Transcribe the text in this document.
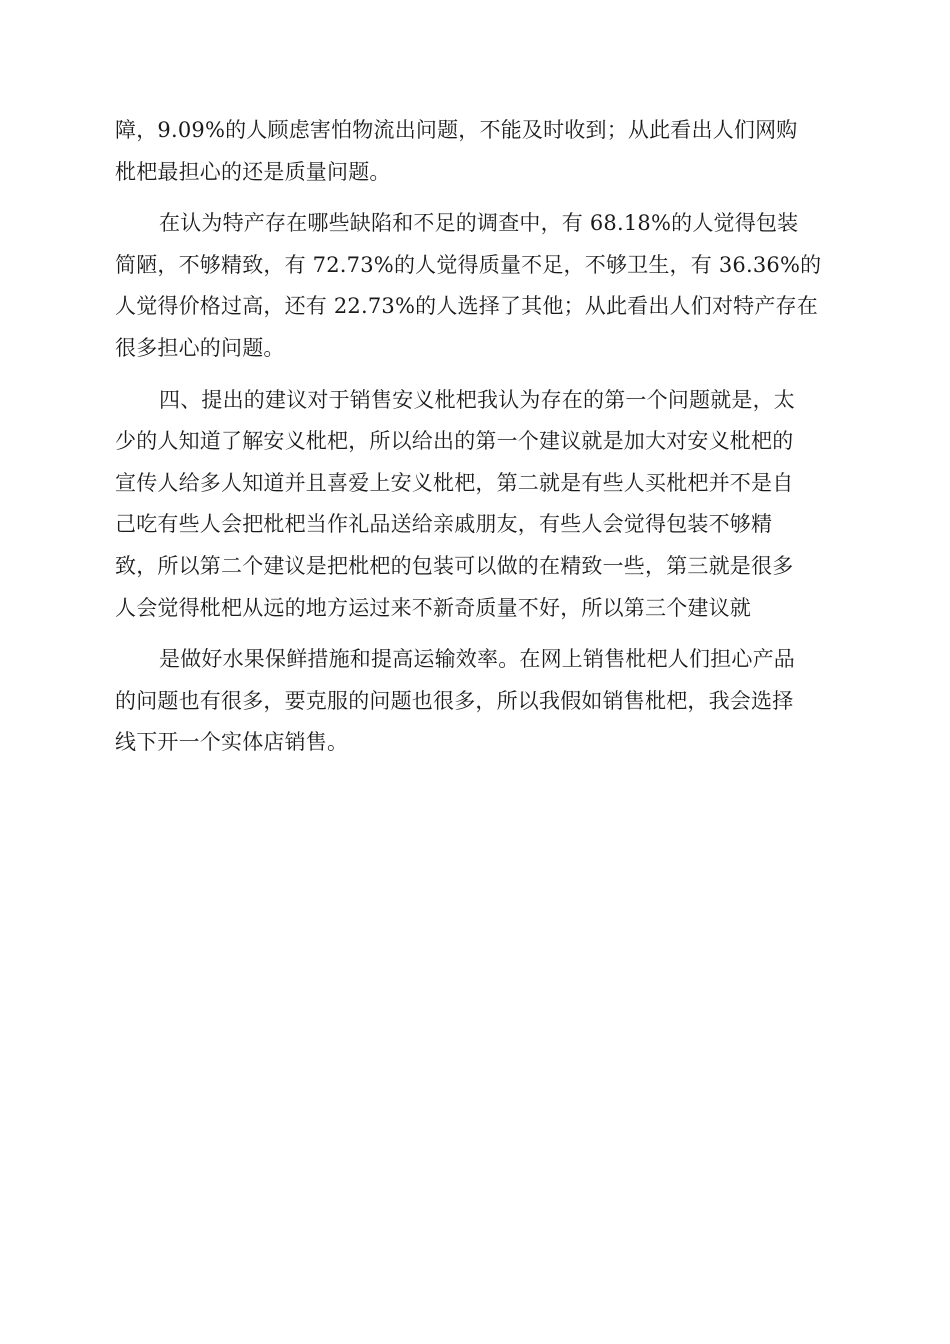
障，9.09%的人顾虑害怕物流出问题，不能及时收到；从此看出人们网购
枇杷最担心的还是质量问题。
在认为特产存在哪些缺陷和不足的调查中，有 68.18%的人觉得包装
简陋，不够精致，有 72.73%的人觉得质量不足，不够卫生，有 36.36%的
人觉得价格过高，还有 22.73%的人选择了其他；从此看出人们对特产存在
很多担心的问题。
四、提出的建议对于销售安义枇杷我认为存在的第一个问题就是，太
少的人知道了解安义枇杷，所以给出的第一个建议就是加大对安义枇杷的
宣传人给多人知道并且喜爱上安义枇杷，第二就是有些人买枇杷并不是自
己吃有些人会把枇杷当作礼品送给亲戚朋友，有些人会觉得包装不够精
致，所以第二个建议是把枇杷的包装可以做的在精致一些，第三就是很多
人会觉得枇杷从远的地方运过来不新奇质量不好，所以第三个建议就
是做好水果保鲜措施和提高运输效率。在网上销售枇杷人们担心产品
的问题也有很多，要克服的问题也很多，所以我假如销售枇杷，我会选择
线下开一个实体店销售。
